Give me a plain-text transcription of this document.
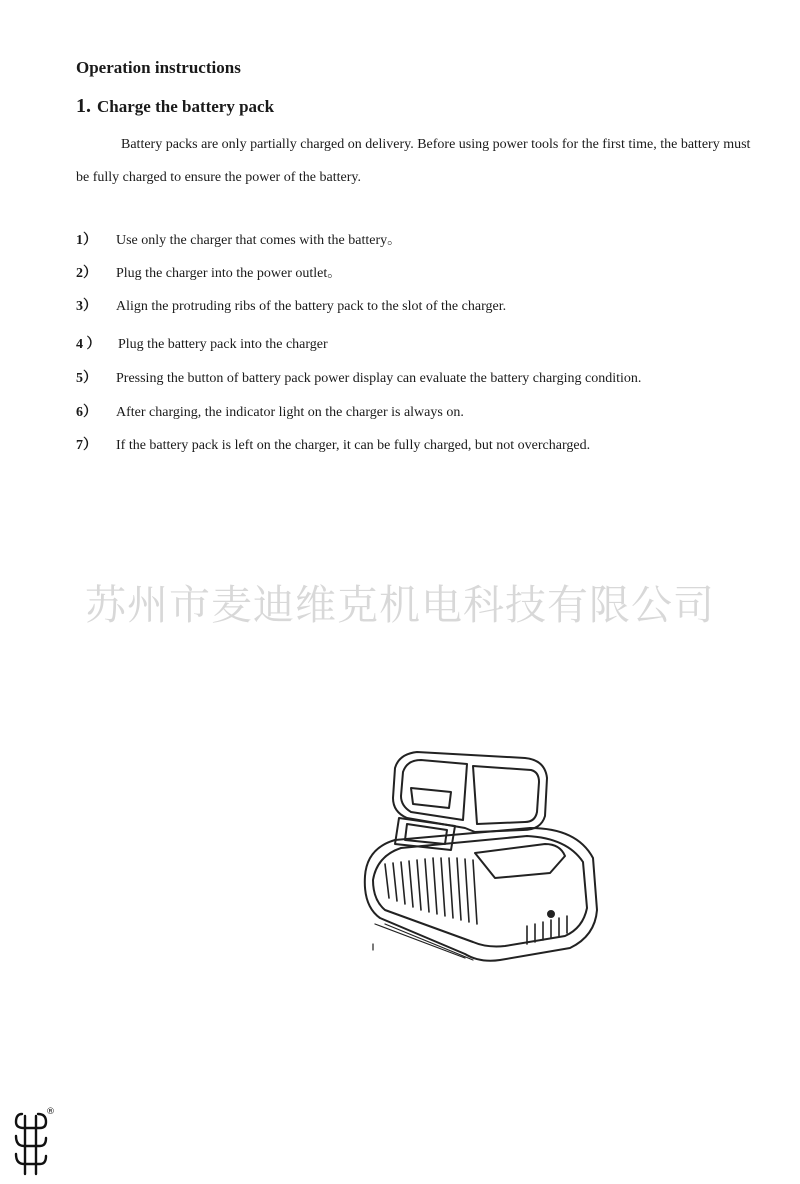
Operation instructions
1. Charge the battery pack
Battery packs are only partially charged on delivery. Before using power tools for the first time, the battery must be fully charged to ensure the power of the battery.
1） Use only the charger that comes with the battery。
2） Plug the charger into the power outlet。
3） Align the protruding ribs of the battery pack to the slot of the charger.
4 ） Plug the battery pack into the charger
5） Pressing the button of battery pack power display can evaluate the battery charging condition.
6） After charging, the indicator light on the charger is always on.
7） If the battery pack is left on the charger, it can be fully charged, but not overcharged.
苏州市麦迪维克机电科技有限公司
®
